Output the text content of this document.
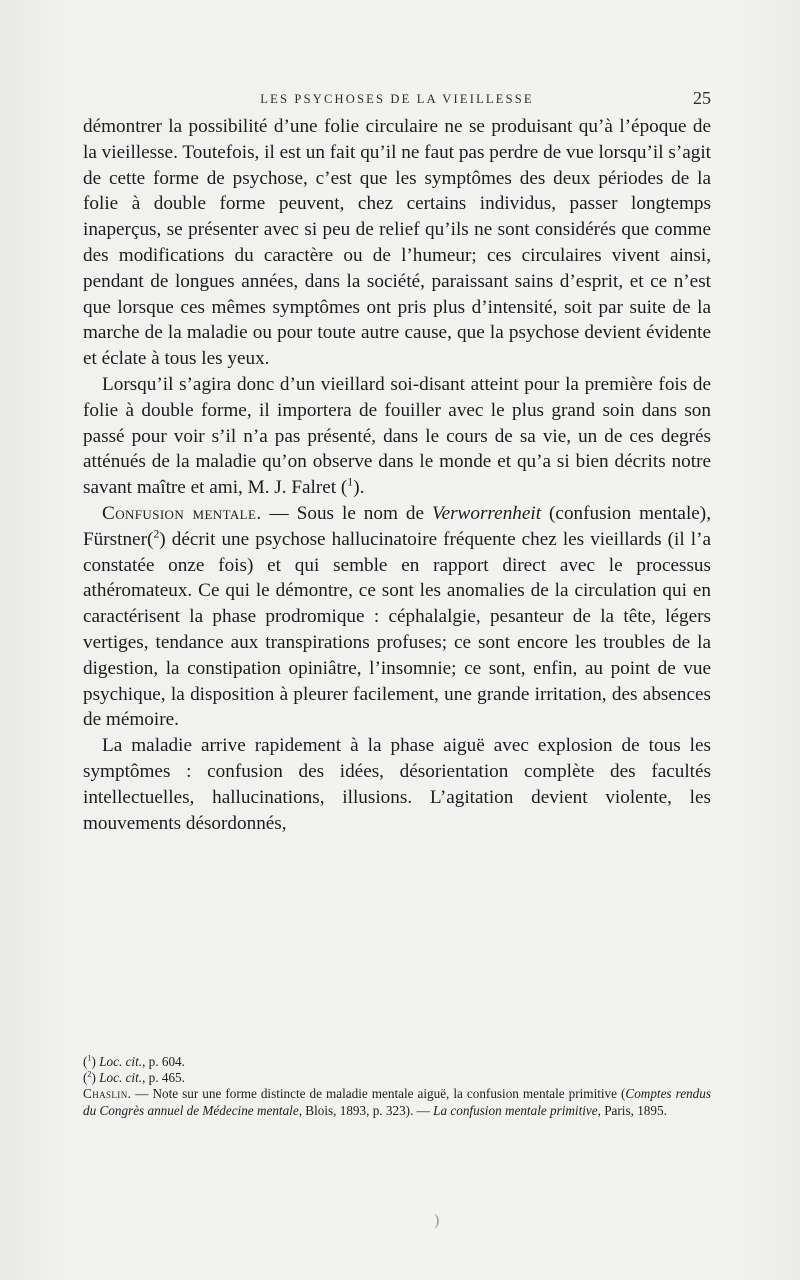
LES PSYCHOSES DE LA VIEILLESSE	25

démontrer la possibilité d’une folie circulaire ne se produisant qu’à l’époque de la vieillesse. Toutefois, il est un fait qu’il ne faut pas perdre de vue lorsqu’il s’agit de cette forme de psychose, c’est que les symptômes des deux périodes de la folie à double forme peuvent, chez certains individus, passer longtemps inaperçus, se présenter avec si peu de relief qu’ils ne sont considérés que comme des modifications du caractère ou de l’humeur; ces circulaires vivent ainsi, pendant de longues années, dans la société, paraissant sains d’esprit, et ce n’est que lorsque ces mêmes symptômes ont pris plus d’intensité, soit par suite de la marche de la maladie ou pour toute autre cause, que la psychose devient évidente et éclate à tous les yeux.

Lorsqu’il s’agira donc d’un vieillard soi-disant atteint pour la première fois de folie à double forme, il importera de fouiller avec le plus grand soin dans son passé pour voir s’il n’a pas présenté, dans le cours de sa vie, un de ces degrés atténués de la maladie qu’on observe dans le monde et qu’a si bien décrits notre savant maître et ami, M. J. Falret ($^1$).

Confusion mentale. — Sous le nom de Verworrenheit (confusion mentale), Fürstner($^2$) décrit une psychose hallucinatoire fréquente chez les vieillards (il l’a constatée onze fois) et qui semble en rapport direct avec le processus athéromateux. Ce qui le démontre, ce sont les anomalies de la circulation qui en caractérisent la phase prodromique : céphalalgie, pesanteur de la tête, légers vertiges, tendance aux transpirations profuses; ce sont encore les troubles de la digestion, la constipation opiniâtre, l’insomnie; ce sont, enfin, au point de vue psychique, la disposition à pleurer facilement, une grande irritation, des absences de mémoire.

La maladie arrive rapidement à la phase aiguë avec explosion de tous les symptômes : confusion des idées, désorientation complète des facultés intellectuelles, hallucinations, illusions. L’agitation devient violente, les mouvements désordonnés,

($^1$) Loc. cit., p. 604.

($^2$) Loc. cit., p. 465.

Chaslin. — Note sur une forme distincte de maladie mentale aiguë, la confusion mentale primitive (Comptes rendus du Congrès annuel de Médecine mentale, Blois, 1893, p. 323). — La confusion mentale primitive, Paris, 1895.

)
